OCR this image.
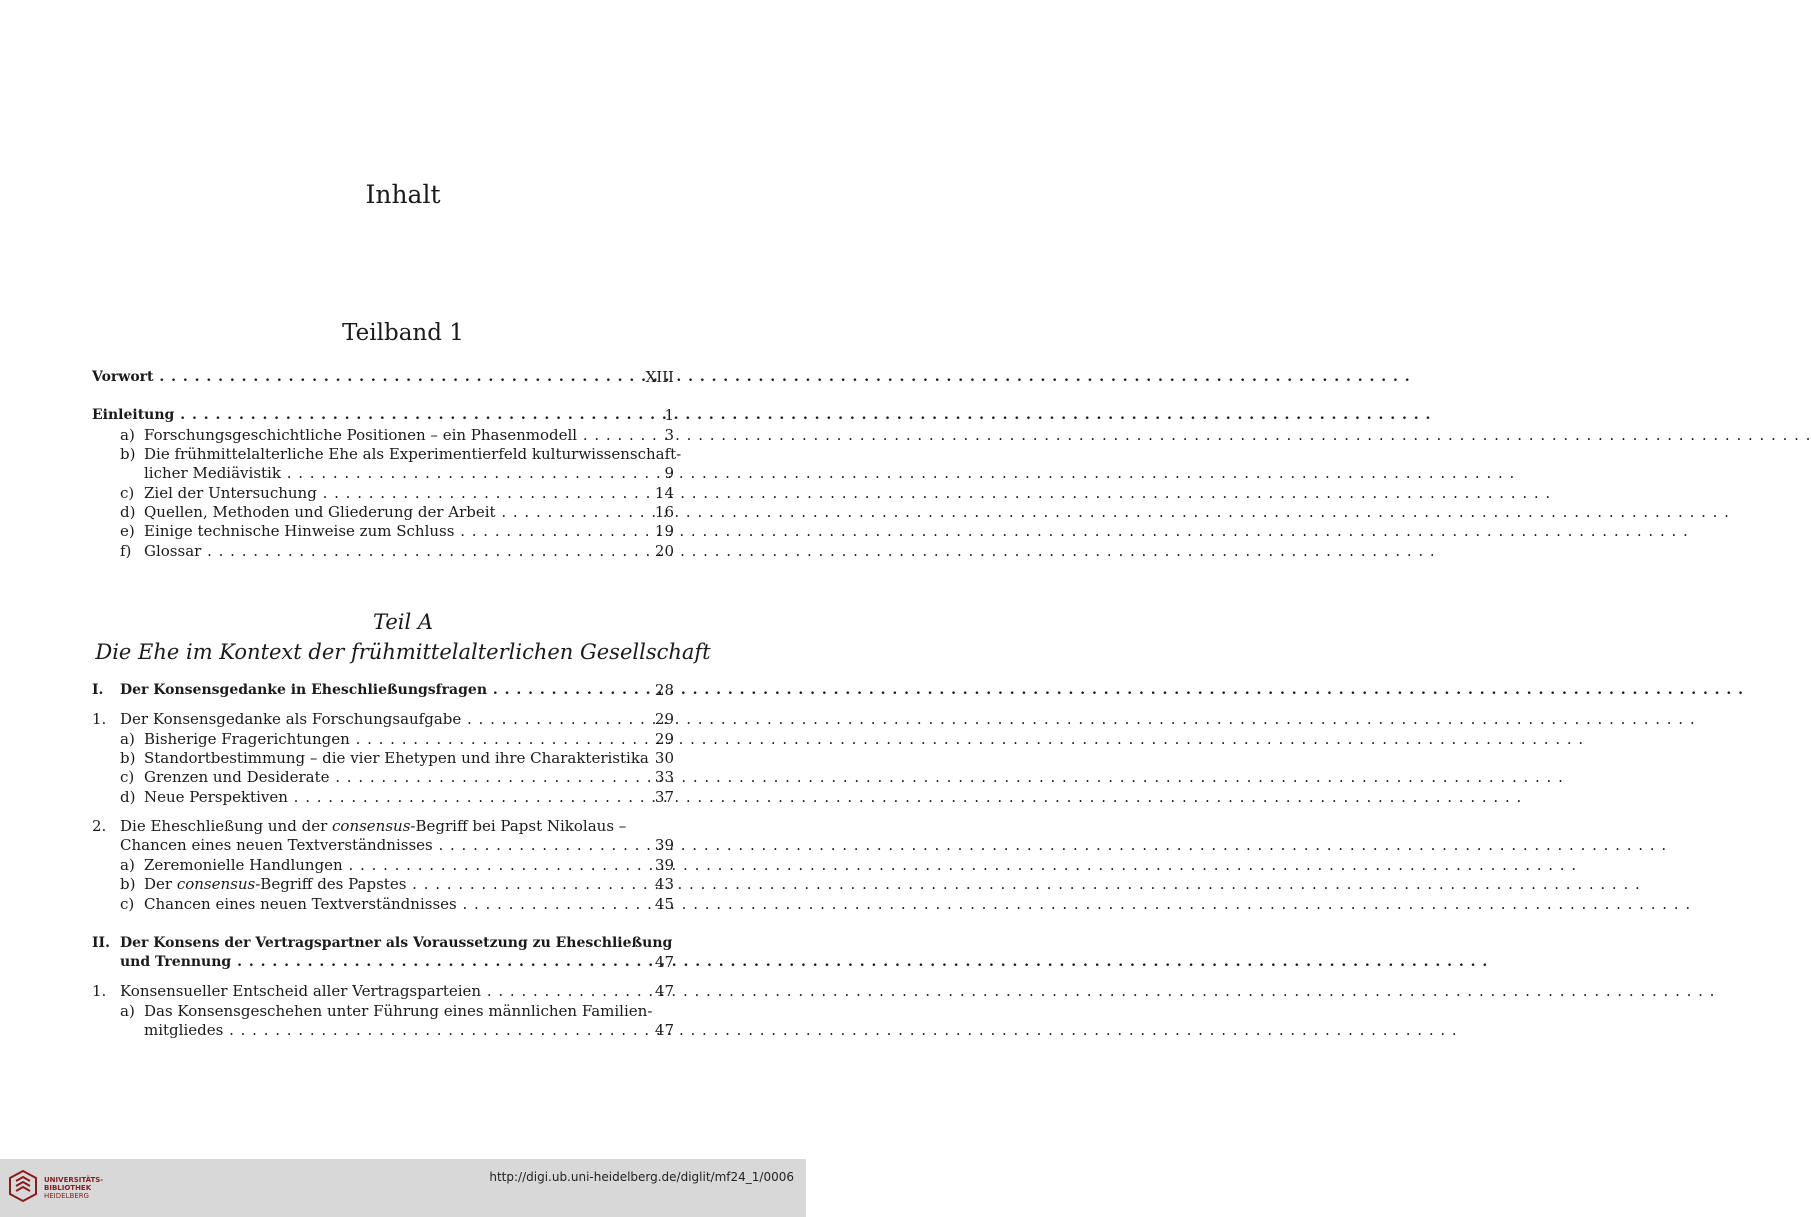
Inhalt
Teilband 1
Vorwort . . .	XIII
Einleitung . . .	1
a) Forschungsgeschichtliche Positionen – ein Phasenmodell . . .	3
b) Die frühmittelalterliche Ehe als Experimentierfeld kulturwissenschaft-
licher Mediävistik . . .	9
c) Ziel der Untersuchung . . .	14
d) Quellen, Methoden und Gliederung der Arbeit . . .	16
e) Einige technische Hinweise zum Schluss . . .	19
f) Glossar . . .	20
I. Der Konsensgedanke in Eheschließungsfragen . . .	28
1. Der Konsensgedanke als Forschungsaufgabe . . .	29
a) Bisherige Fragerichtungen . . .	29
b) Standortbestimmung – die vier Ehetypen und ihre Charakteristika 30
c) Grenzen und Desiderate . . .	33
d) Neue Perspektiven . . .	37
2. Die Eheschließung und der consensus-Begriff bei Papst Nikolaus –
Chancen eines neuen Textverständnisses . . .	39
a) Zeremonielle Handlungen . . .	39
b) Der consensus-Begriff des Papstes . . .	43
c) Chancen eines neuen Textverständnisses . . .	45
II. Der Konsens der Vertragspartner als Voraussetzung zu Eheschließung
und Trennung . . .	47
1. Konsensueller Entscheid aller Vertragsparteien . . .	47
a) Das Konsensgeschehen unter Führung eines männlichen Familien-
mitgliedes . . .	47
Teil A
Die Ehe im Kontext der frühmittelalterlichen Gesellschaft
UNIVERSITÄTS-
BIBLIOTHEK
HEIDELBERG
http://digi.ub.uni-heidelberg.de/diglit/mf24_1/0006
